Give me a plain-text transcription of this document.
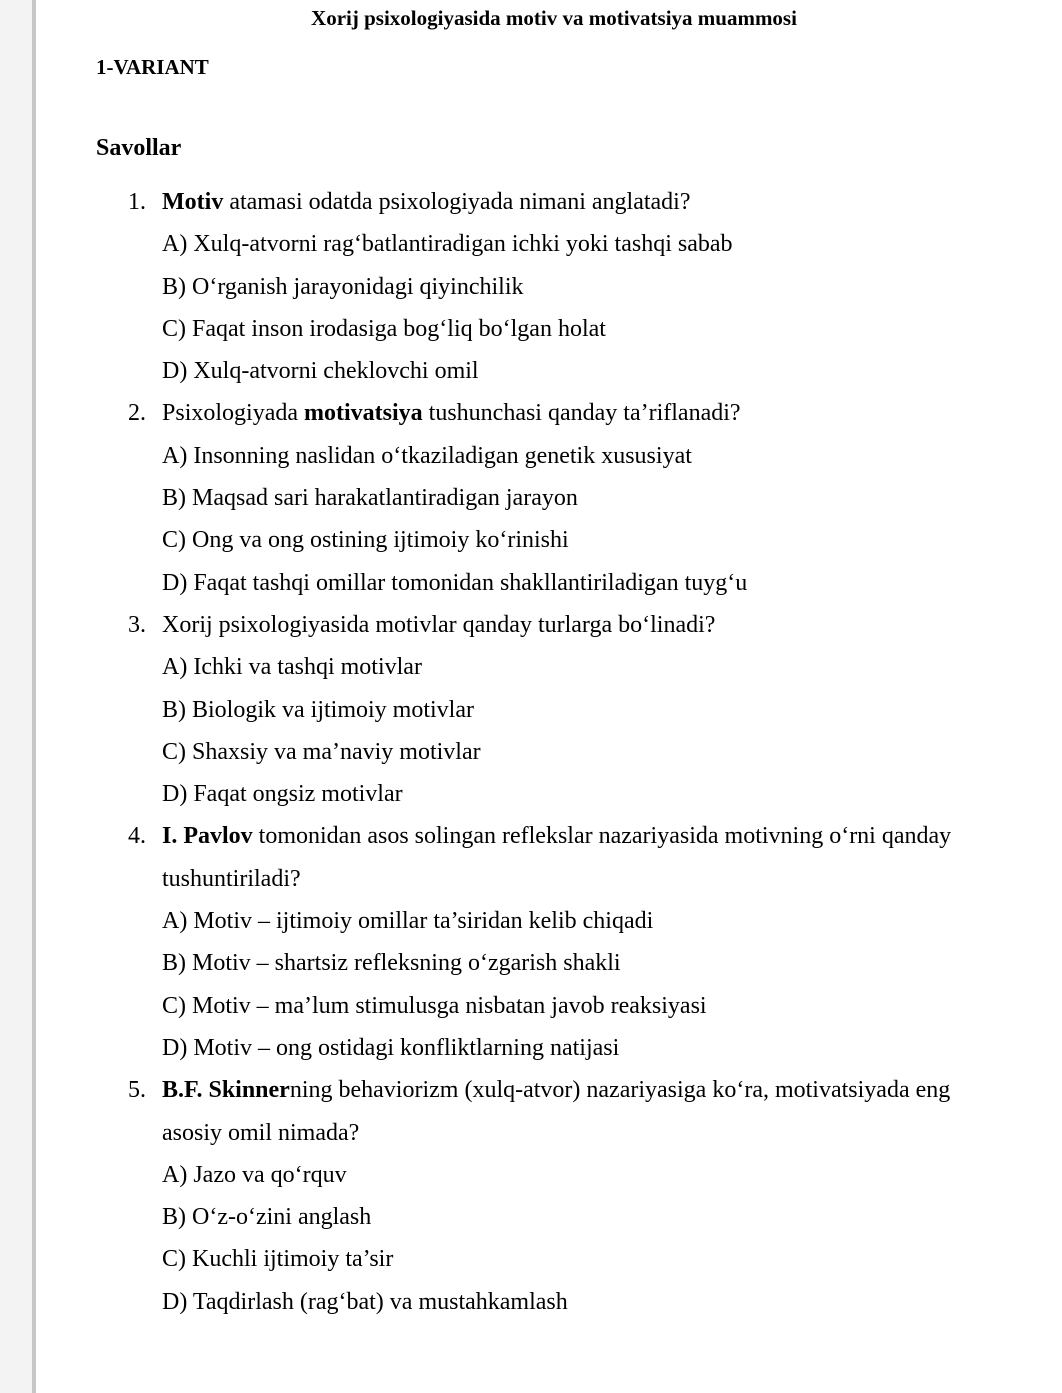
Xorij psixologiyasida motiv va motivatsiya muammosi
1-VARIANT
Savollar
1. Motiv atamasi odatda psixologiyada nimani anglatadi?
A) Xulq-atvorni rag‘batlantiradigan ichki yoki tashqi sabab
B) O‘rganish jarayonidagi qiyinchilik
C) Faqat inson irodasiga bog‘liq bo‘lgan holat
D) Xulq-atvorni cheklovchi omil
2. Psixologiyada motivatsiya tushunchasi qanday ta’riflanadi?
A) Insonning naslidan o‘tkaziladigan genetik xususiyat
B) Maqsad sari harakatlantiradigan jarayon
C) Ong va ong ostining ijtimoiy ko‘rinishi
D) Faqat tashqi omillar tomonidan shakllantiriladigan tuyg‘u
3. Xorij psixologiyasida motivlar qanday turlarga bo‘linadi?
A) Ichki va tashqi motivlar
B) Biologik va ijtimoiy motivlar
C) Shaxsiy va ma’naviy motivlar
D) Faqat ongsiz motivlar
4. I. Pavlov tomonidan asos solingan reflekslar nazariyasida motivning o‘rni qanday tushuntiriladi?
A) Motiv – ijtimoiy omillar ta’siridan kelib chiqadi
B) Motiv – shartsiz refleksning o‘zgarish shakli
C) Motiv – ma’lum stimulusga nisbatan javob reaksiyasi
D) Motiv – ong ostidagi konfliktlarning natijasi
5. B.F. Skinnerning behaviorizm (xulq-atvor) nazariyasiga ko‘ra, motivatsiyada eng asosiy omil nimada?
A) Jazo va qo‘rquv
B) O‘z-o‘zini anglash
C) Kuchli ijtimoiy ta’sir
D) Taqdirlash (rag‘bat) va mustahkamlash
